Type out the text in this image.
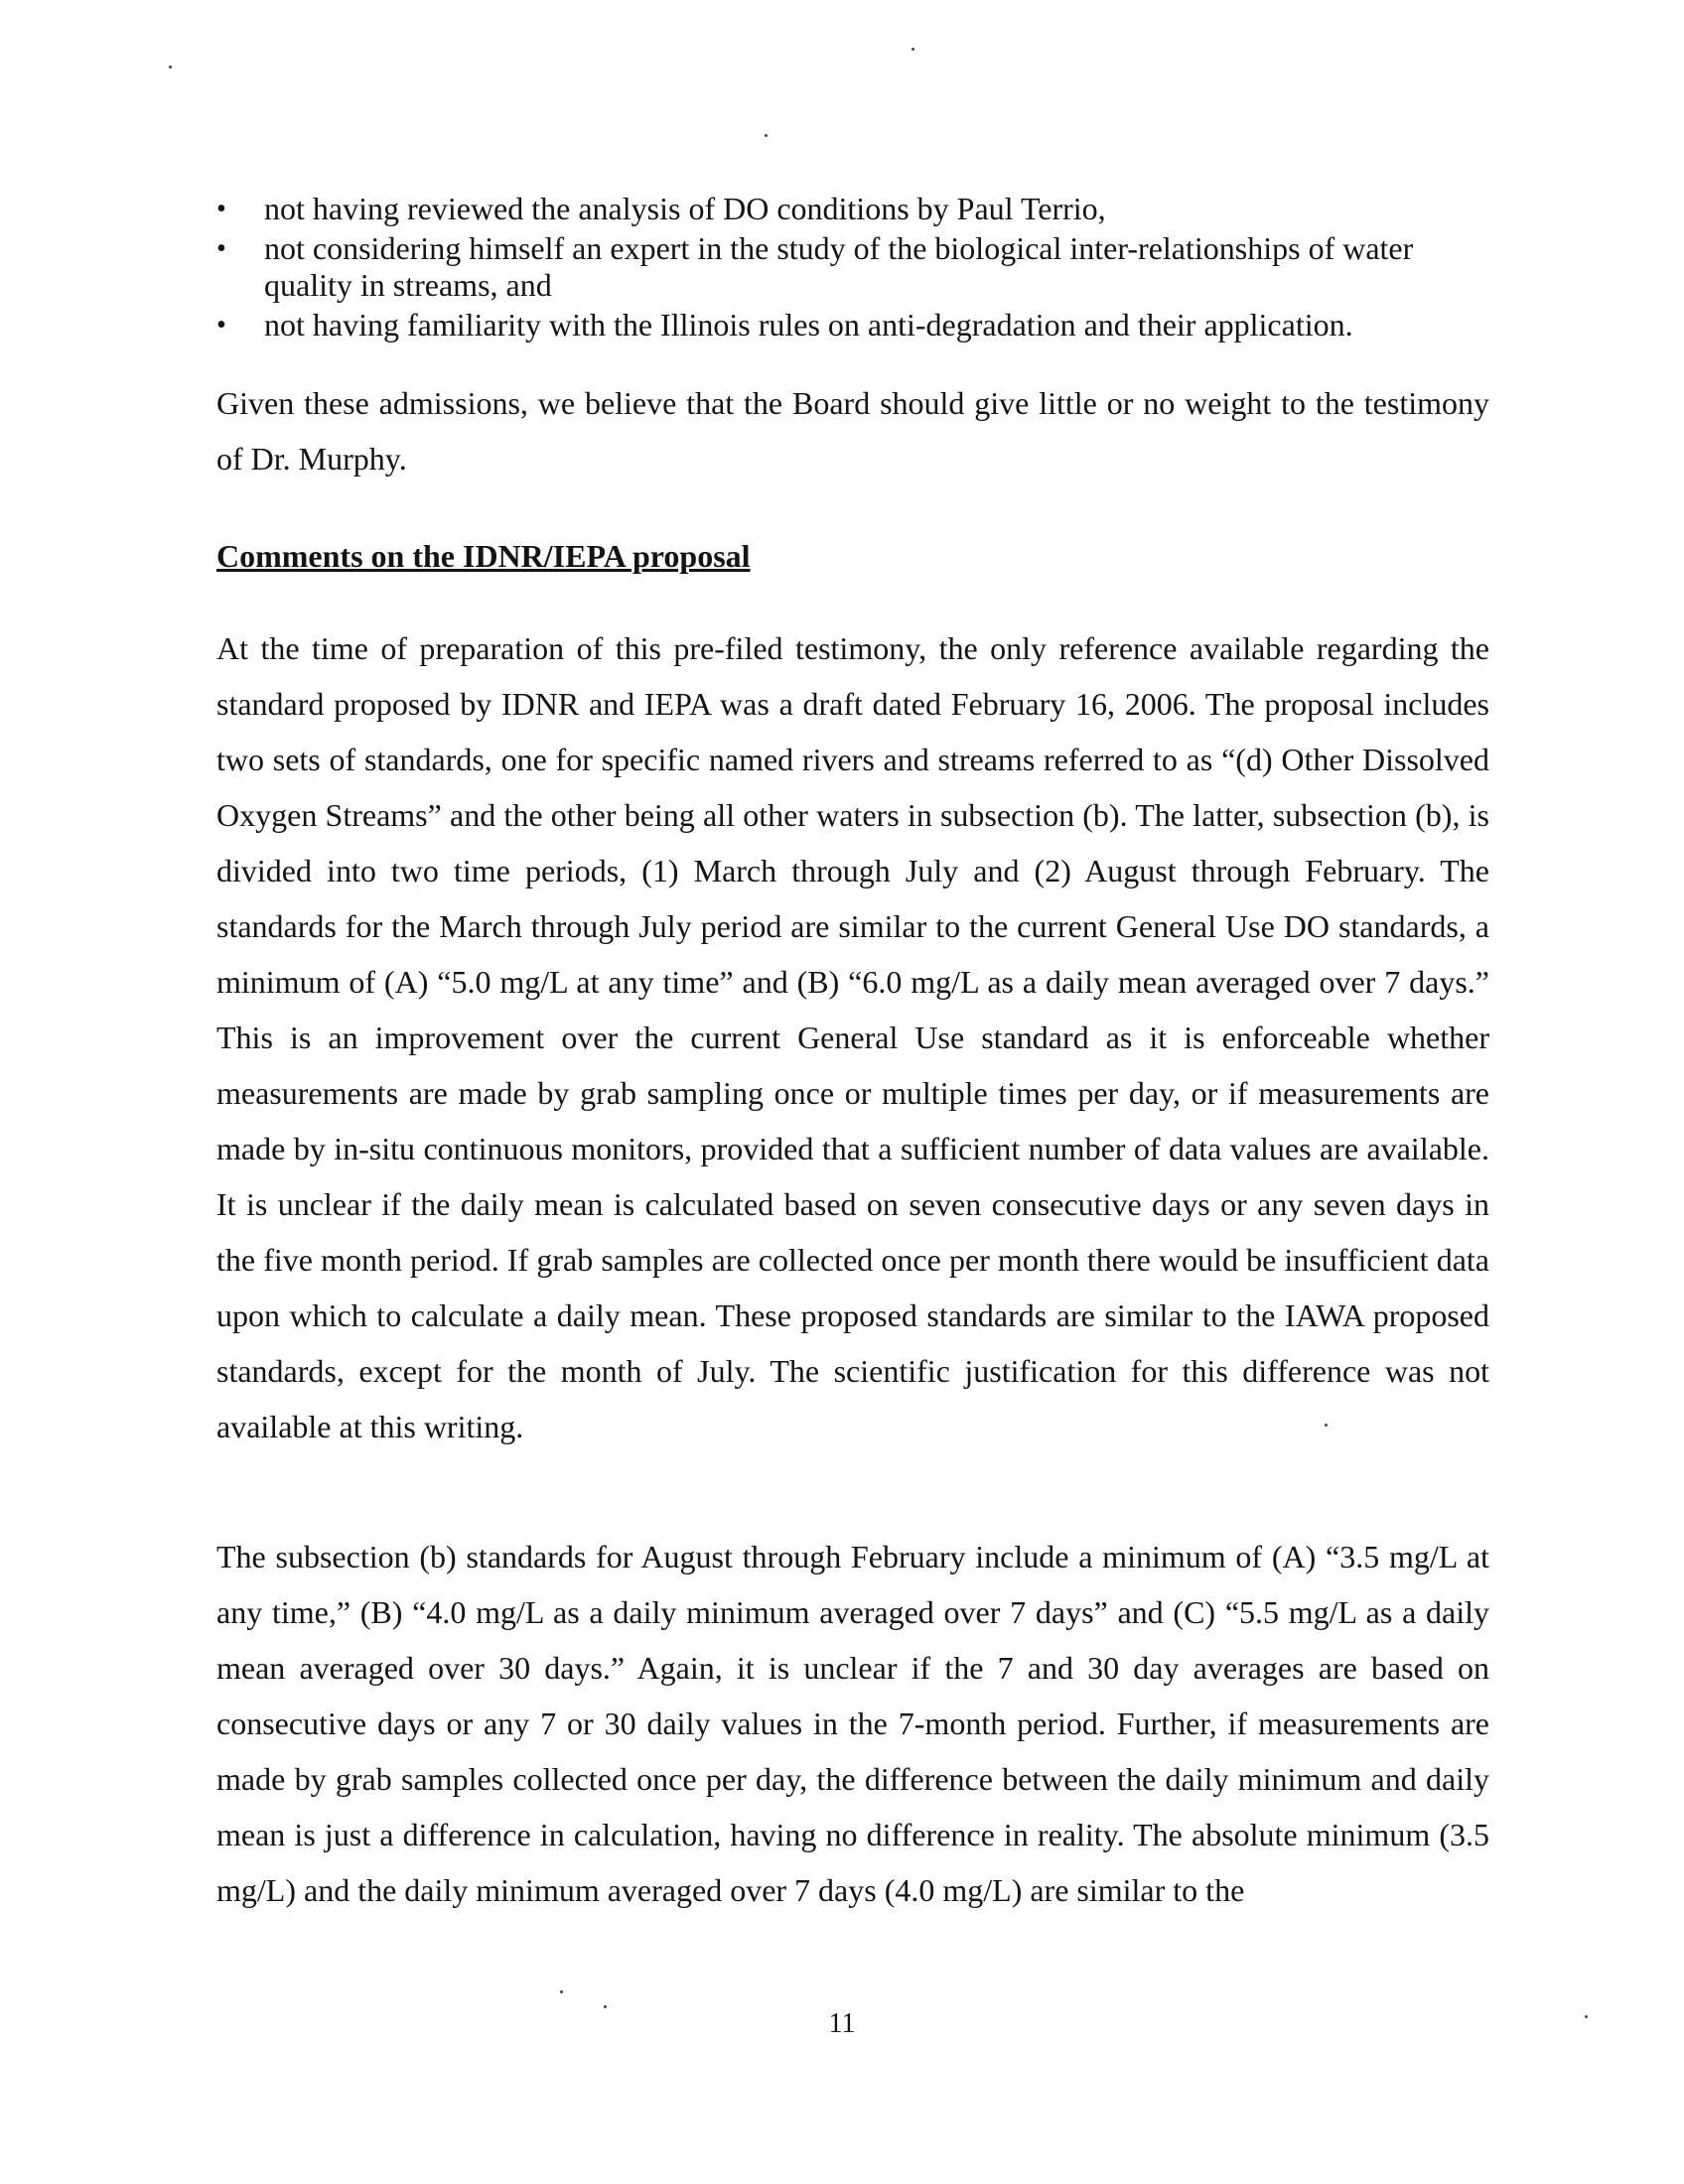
• not having reviewed the analysis of DO conditions by Paul Terrio,
• not considering himself an expert in the study of the biological inter-relationships of water quality in streams, and
• not having familiarity with the Illinois rules on anti-degradation and their application.

Given these admissions, we believe that the Board should give little or no weight to the testimony of Dr. Murphy.

Comments on the IDNR/IEPA proposal

At the time of preparation of this pre-filed testimony, the only reference available regarding the standard proposed by IDNR and IEPA was a draft dated February 16, 2006. The proposal includes two sets of standards, one for specific named rivers and streams referred to as “(d) Other Dissolved Oxygen Streams” and the other being all other waters in subsection (b). The latter, subsection (b), is divided into two time periods, (1) March through July and (2) August through February. The standards for the March through July period are similar to the current General Use DO standards, a minimum of (A) “5.0 mg/L at any time” and (B) “6.0 mg/L as a daily mean averaged over 7 days.” This is an improvement over the current General Use standard as it is enforceable whether measurements are made by grab sampling once or multiple times per day, or if measurements are made by in-situ continuous monitors, provided that a sufficient number of data values are available. It is unclear if the daily mean is calculated based on seven consecutive days or any seven days in the five month period. If grab samples are collected once per month there would be insufficient data upon which to calculate a daily mean. These proposed standards are similar to the IAWA proposed standards, except for the month of July. The scientific justification for this difference was not available at this writing.

The subsection (b) standards for August through February include a minimum of (A) “3.5 mg/L at any time,” (B) “4.0 mg/L as a daily minimum averaged over 7 days” and (C) “5.5 mg/L as a daily mean averaged over 30 days.” Again, it is unclear if the 7 and 30 day averages are based on consecutive days or any 7 or 30 daily values in the 7-month period. Further, if measurements are made by grab samples collected once per day, the difference between the daily minimum and daily mean is just a difference in calculation, having no difference in reality. The absolute minimum (3.5 mg/L) and the daily minimum averaged over 7 days (4.0 mg/L) are similar to the

11
